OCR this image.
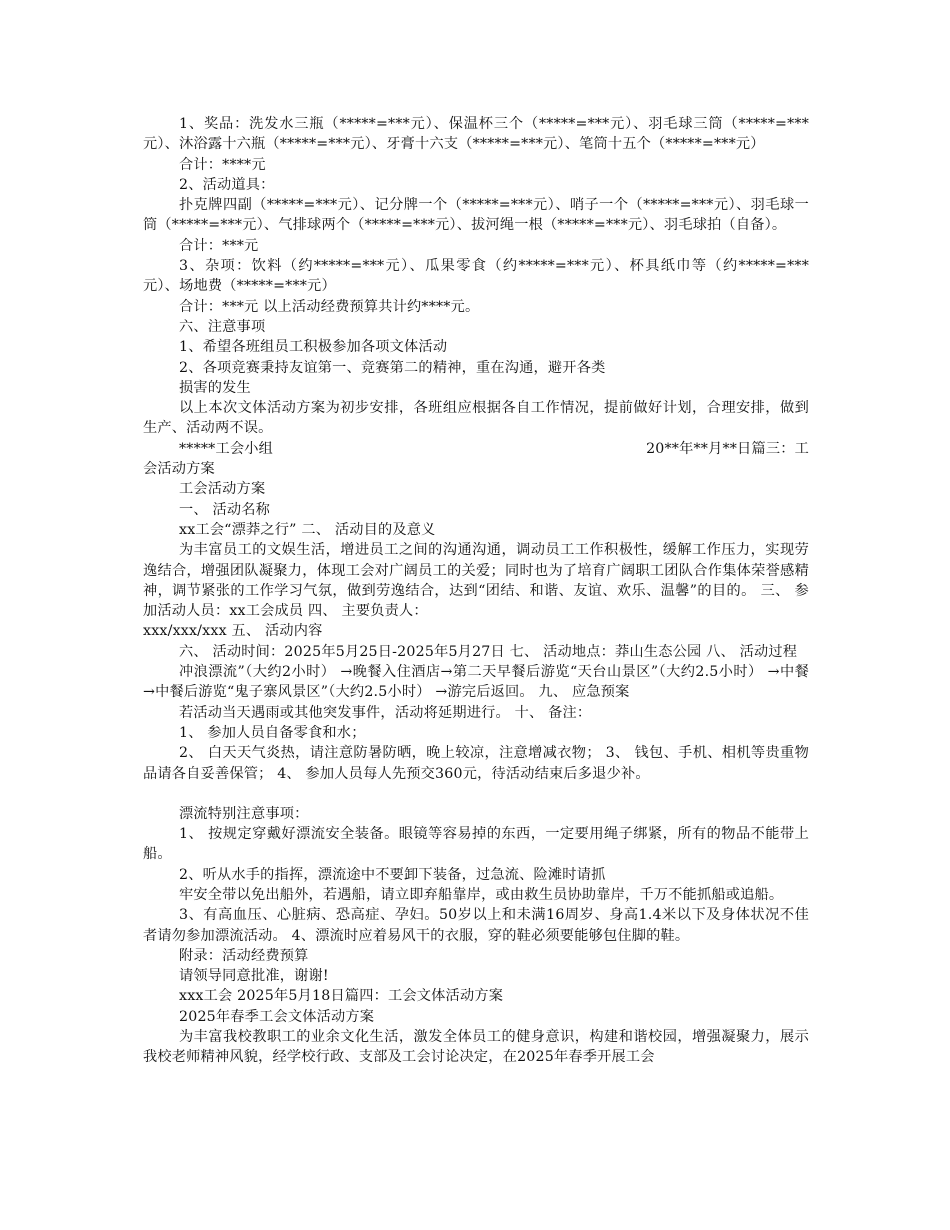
1、奖品：洗发水三瓶（*****=***元）、保温杯三个（*****=***元）、羽毛球三筒（*****=***元）、沐浴露十六瓶（*****=***元）、牙膏十六支（*****=***元）、笔筒十五个（*****=***元）

合计：****元

2、活动道具：

扑克牌四副（*****=***元）、记分牌一个（*****=***元）、哨子一个（*****=***元）、羽毛球一筒（*****=***元）、气排球两个（*****=***元）、拔河绳一根（*****=***元）、羽毛球拍（自备）。

合计：***元

3、杂项：饮料（约*****=***元）、瓜果零食（约*****=***元）、杯具纸巾等（约*****=***元）、场地费（*****=***元）

合计：***元 以上活动经费预算共计约****元。

六、注意事项

1、希望各班组员工积极参加各项文体活动

2、各项竞赛秉持友谊第一、竞赛第二的精神，重在沟通，避开各类

损害的发生

以上本次文体活动方案为初步安排，各班组应根据各自工作情况，提前做好计划，合理安排，做到生产、活动两不误。

*****工会小组	20**年**月**日篇三：工

会活动方案

工会活动方案

一、 活动名称

xx工会“漂莽之行” 二、 活动目的及意义

为丰富员工的文娱生活，增进员工之间的沟通沟通，调动员工工作积极性，缓解工作压力，实现劳逸结合，增强团队凝聚力，体现工会对广阔员工的关爱；同时也为了培育广阔职工团队合作集体荣誉感精神，调节紧张的工作学习气氛，做到劳逸结合，达到“团结、和谐、友谊、欢乐、温馨”的目的。 三、 参加活动人员：xx工会成员 四、 主要负责人：

xxx/xxx/xxx 五、 活动内容

六、 活动时间：2025年5月25日-2025年5月27日 七、 活动地点：莽山生态公园 八、 活动过程

冲浪漂流”（大约2小时） →晚餐入住酒店→第二天早餐后游览“天台山景区”（大约2.5小时） →中餐→中餐后游览“鬼子寨风景区”（大约2.5小时） →游完后返回。 九、 应急预案

若活动当天遇雨或其他突发事件，活动将延期进行。 十、 备注：

1、 参加人员自备零食和水；

2、 白天天气炎热，请注意防暑防晒，晚上较凉，注意增减衣物； 3、 钱包、手机、相机等贵重物品请各自妥善保管； 4、 参加人员每人先预交360元，待活动结束后多退少补。

漂流特别注意事项：

1、 按规定穿戴好漂流安全装备。眼镜等容易掉的东西，一定要用绳子绑紧，所有的物品不能带上船。

2、听从水手的指挥，漂流途中不要卸下装备，过急流、险滩时请抓

牢安全带以免出船外，若遇船，请立即弃船靠岸，或由救生员协助靠岸，千万不能抓船或追船。

3、有高血压、心脏病、恐高症、孕妇。50岁以上和未满16周岁、身高1.4米以下及身体状况不佳者请勿参加漂流活动。 4、漂流时应着易风干的衣服，穿的鞋必须要能够包住脚的鞋。

附录：活动经费预算

请领导同意批准，谢谢!

xxx工会 2025年5月18日篇四：工会文体活动方案

2025年春季工会文体活动方案

为丰富我校教职工的业余文化生活，激发全体员工的健身意识，构建和谐校园，增强凝聚力，展示我校老师精神风貌，经学校行政、支部及工会讨论决定，在2025年春季开展工会
